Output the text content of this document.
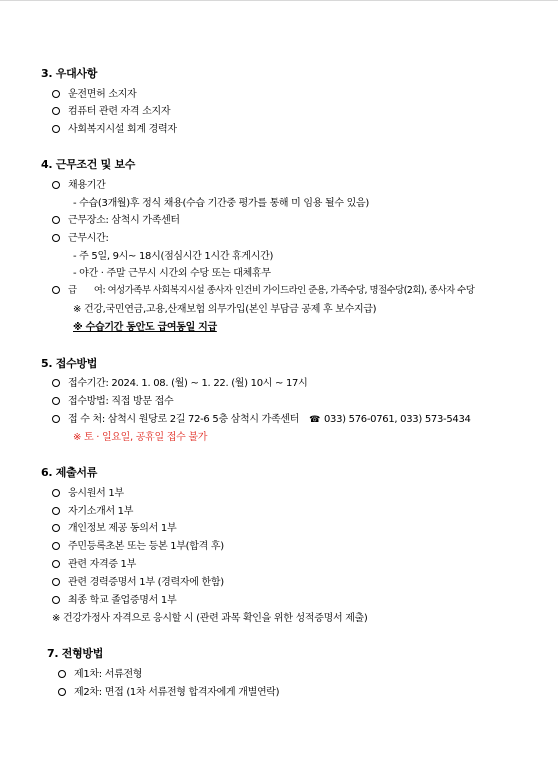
3. 우대사항
운전면허 소지자
컴퓨터 관련 자격 소지자
사회복지시설 회계 경력자
4. 근무조건 및 보수
채용기간
- 수습(3개월)후 정식 채용(수습 기간중 평가를 통해 미 임용 될수 있음)
근무장소: 삼척시 가족센터
근무시간:
- 주 5일, 9시~ 18시(점심시간 1시간 휴게시간)
- 야간 · 주말 근무시 시간외 수당 또는 대체휴무
급       여: 여성가족부 사회복지시설 종사자 인건비 가이드라인 준용, 가족수당, 명절수당(2회), 종사자 수당
※ 건강,국민연금,고용,산재보험 의무가입(본인 부담금 공제 후 보수지급)
※ 수습기간 동안도 급여동일 지급
5. 접수방법
접수기간: 2024. 1. 08. (월) ~ 1. 22. (월) 10시 ~ 17시
접수방법: 직접 방문 접수
접 수 처: 삼척시 원당로 2길 72-6 5층 삼척시 가족센터 ☎ 033) 576-0761, 033) 573-5434
※ 토 · 일요일, 공휴일 접수 불가
6. 제출서류
응시원서 1부
자기소개서 1부
개인정보 제공 동의서 1부
주민등록초본 또는 등본 1부(합격 후)
관련 자격증 1부
관련 경력증명서 1부 (경력자에 한함)
최종 학교 졸업증명서 1부
※ 건강가정사 자격으로 응시할 시 (관련 과목 확인을 위한 성적증명서 제출)
7. 전형방법
제1차: 서류전형
제2차: 면접 (1차 서류전형 합격자에게 개별연락)
